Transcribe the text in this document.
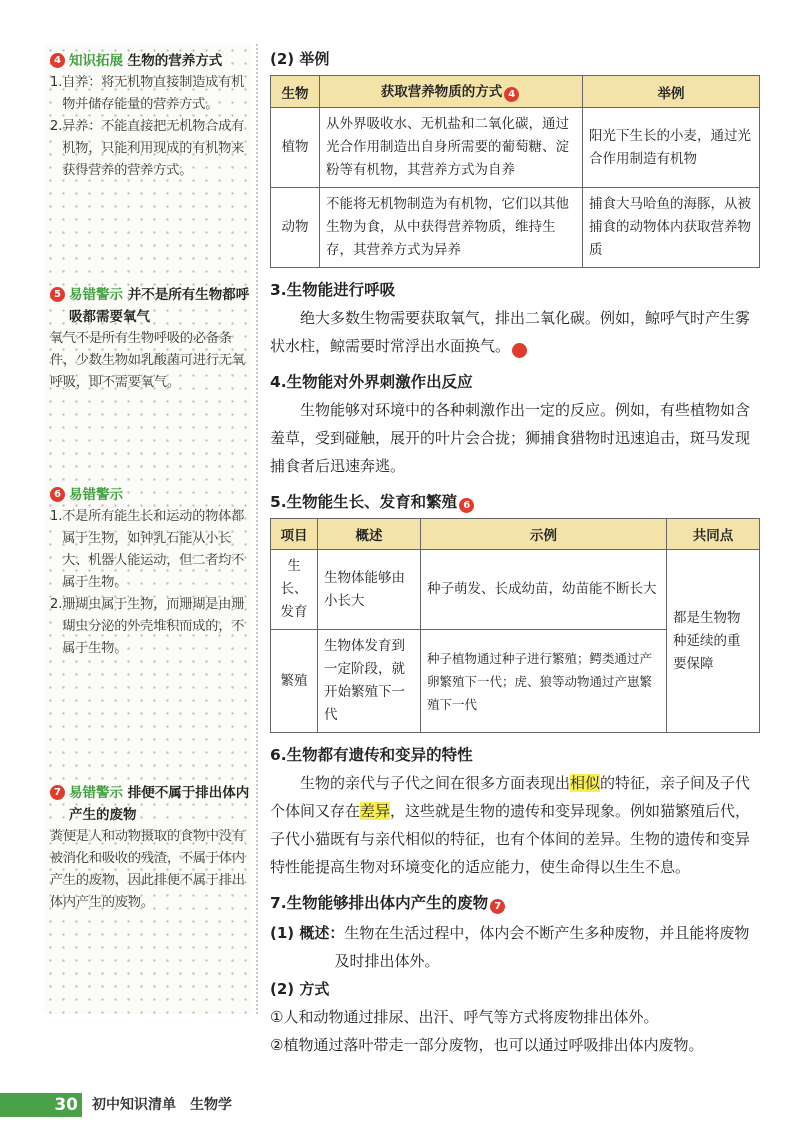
4 知识拓展 生物的营养方式
1. 自养：将无机物直接制造成有机物并储存能量的营养方式。
2. 异养：不能直接把无机物合成有机物，只能利用现成的有机物来获得营养的营养方式。
5 易错警示 并不是所有生物都呼吸都需要氧气

氧气不是所有生物呼吸的必备条件，少数生物如乳酸菌可进行无氧呼吸，即不需要氧气。

6 易错警示
1. 不是所有能生长和运动的物体都属于生物，如钟乳石能从小长大、机器人能运动，但二者均不属于生物。
2. 珊瑚虫属于生物，而珊瑚是由珊瑚虫分泌的外壳堆积而成的，不属于生物。
7 易错警示 排便不属于排出体内产生的废物

粪便是人和动物摄取的食物中没有被消化和吸收的残渣，不属于体内产生的废物，因此排便不属于排出体内产生的废物。

(2) 举例
生物	获取营养物质的方式 4	举例
植物	从外界吸收水、无机盐和二氧化碳，通过光合作用制造出自身所需要的葡萄糖、淀粉等有机物，其营养方式为自养	阳光下生长的小麦，通过光合作用制造有机物
动物	不能将无机物制造为有机物，它们以其他生物为食，从中获得营养物质，维持生存，其营养方式为异养	捕食大马哈鱼的海豚，从被捕食的动物体内获取营养物质
3.生物能进行呼吸

绝大多数生物需要获取氧气，排出二氧化碳。例如，鲸呼气时产生雾状水柱，鲸需要时常浮出水面换气。 5

4.生物能对外界刺激作出反应

生物能够对环境中的各种刺激作出一定的反应。例如，有些植物如含羞草，受到碰触，展开的叶片会合拢；狮捕食猎物时迅速追击，斑马发现捕食者后迅速奔逃。

5.生物能生长、发育和繁殖 6
项目	概述	示例	共同点
生长、发育	生物体能够由小长大	种子萌发、长成幼苗，幼苗能不断长大	都是生物物种延续的重要保障
繁殖	生物体发育到一定阶段，就开始繁殖下一代	种子植物通过种子进行繁殖；鳄类通过产卵繁殖下一代；虎、狼等动物通过产崽繁殖下一代	
6.生物都有遗传和变异的特性

生物的亲代与子代之间在很多方面表现出相似的特征，亲子间及子代个体间又存在差异，这些就是生物的遗传和变异现象。例如猫繁殖后代，子代小猫既有与亲代相似的特征，也有个体间的差异。生物的遗传和变异特性能提高生物对环境变化的适应能力，使生命得以生生不息。

7.生物能够排出体内产生的废物 7

(1) 概述：生物在生活过程中，体内会不断产生多种废物，并且能将废物及时排出体外。

(2) 方式

①人和动物通过排尿、出汗、呼气等方式将废物排出体外。

②植物通过落叶带走一部分废物，也可以通过呼吸排出体内废物。

30 初中知识清单　生物学
